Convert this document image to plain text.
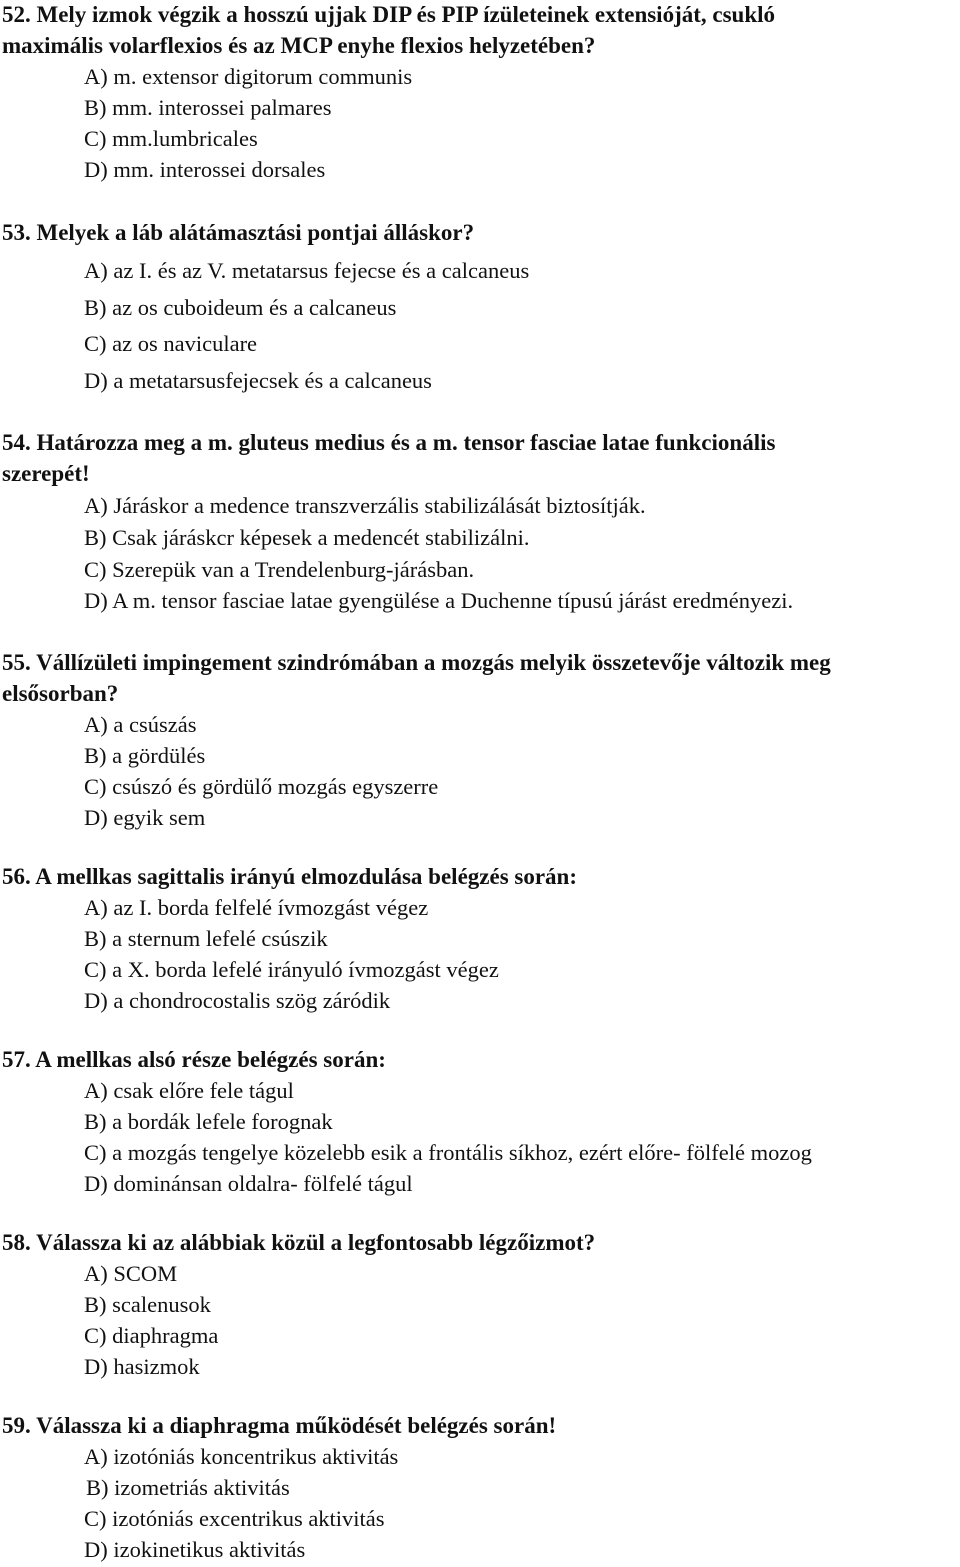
52. Mely izmok végzik a hosszú ujjak DIP és PIP ízületeinek extensióját, csukló
maximális volarflexios és az MCP enyhe flexios helyzetében?
A) m. extensor digitorum communis
B) mm. interossei palmares
C) mm.lumbricales
D) mm. interossei dorsales
53. Melyek a láb alátámasztási pontjai álláskor?
A) az I. és az V. metatarsus fejecse és a calcaneus
B) az os cuboideum és a calcaneus
C) az os naviculare
D) a metatarsusfejecsek és a calcaneus
54. Határozza meg a m. gluteus medius és a m. tensor fasciae latae funkcionális
szerepét!
A) Járáskor a medence transzverzális stabilizálását biztosítják.
B) Csak járáskcr képesek a medencét stabilizálni.
C) Szerepük van a Trendelenburg-járásban.
D) A m. tensor fasciae latae gyengülése a Duchenne típusú járást eredményezi.
55. Vállízületi impingement szindrómában a mozgás melyik összetevője változik meg
elsősorban?
A) a csúszás
B) a gördülés
C) csúszó és gördülő mozgás egyszerre
D) egyik sem
56. A mellkas sagittalis irányú elmozdulása belégzés során:
A) az I. borda felfelé ívmozgást végez
B) a sternum lefelé csúszik
C) a X. borda lefelé irányuló ívmozgást végez
D) a chondrocostalis szög záródik
57. A mellkas alsó része belégzés során:
A) csak előre fele tágul
B) a bordák lefele forognak
C) a mozgás tengelye közelebb esik a frontális síkhoz, ezért előre- fölfelé mozog
D) dominánsan oldalra- fölfelé tágul
58. Válassza ki az alábbiak közül a legfontosabb légzőizmot?
A) SCOM
B) scalenusok
C) diaphragma
D) hasizmok
59. Válassza ki a diaphragma működését belégzés során!
A) izotóniás koncentrikus aktivitás
B) izometriás aktivitás
C) izotóniás excentrikus aktivitás
D) izokinetikus aktivitás
